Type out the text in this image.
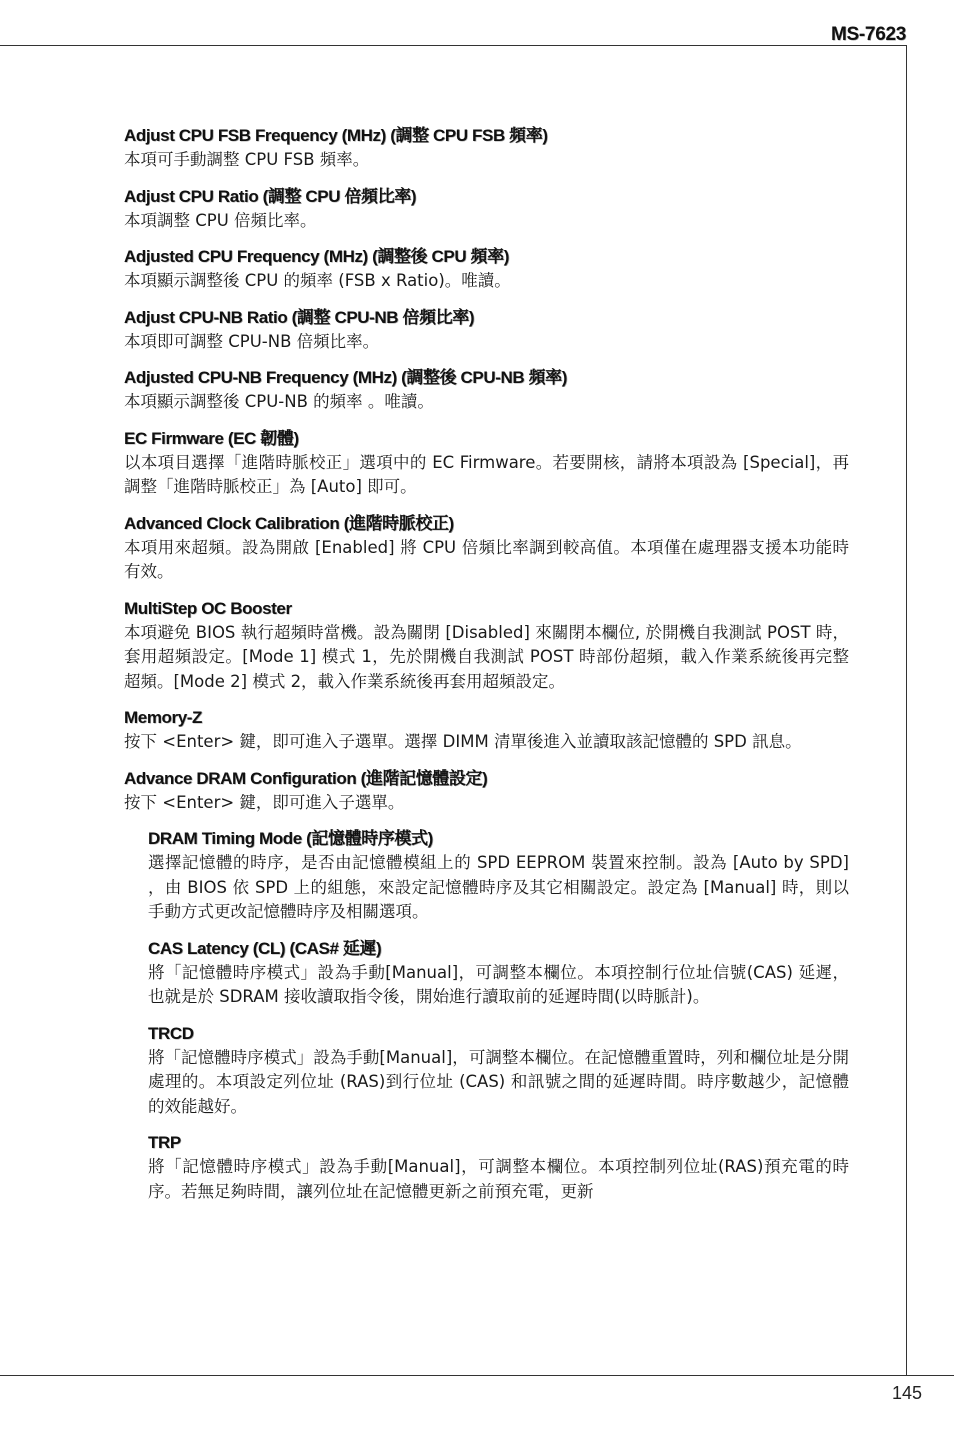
MS-7623
Adjust CPU FSB Frequency (MHz) (調整 CPU FSB 頻率)
本項可手動調整 CPU FSB 頻率。
Adjust CPU Ratio (調整 CPU 倍頻比率)
本項調整 CPU 倍頻比率。
Adjusted CPU Frequency (MHz) (調整後 CPU 頻率)
本項顯示調整後 CPU 的頻率 (FSB x Ratio)。唯讀。
Adjust CPU-NB Ratio (調整 CPU-NB 倍頻比率)
本項即可調整 CPU-NB 倍頻比率。
Adjusted CPU-NB Frequency (MHz) (調整後 CPU-NB 頻率)
本項顯示調整後 CPU-NB 的頻率 。唯讀。
EC Firmware (EC 韌體)
以本項目選擇「進階時脈校正」選項中的 EC Firmware。若要開核，請將本項設為 [Special]，再調整「進階時脈校正」為 [Auto] 即可。
Advanced Clock Calibration (進階時脈校正)
本項用來超頻。設為開啟 [Enabled] 將 CPU 倍頻比率調到較高值。本項僅在處理器支援本功能時有效。
MultiStep OC Booster
本項避免 BIOS 執行超頻時當機。設為關閉 [Disabled] 來關閉本欄位, 於開機自我測試 POST 時，套用超頻設定。[Mode 1] 模式 1，先於開機自我測試 POST 時部份超頻，載入作業系統後再完整超頻。[Mode 2] 模式 2，載入作業系統後再套用超頻設定。
Memory-Z
按下 <Enter> 鍵，即可進入子選單。選擇 DIMM 清單後進入並讀取該記憶體的 SPD 訊息。
Advance DRAM Configuration (進階記憶體設定)
按下 <Enter> 鍵，即可進入子選單。
DRAM Timing Mode (記憶體時序模式)
選擇記憶體的時序，是否由記憶體模組上的 SPD EEPROM 裝置來控制。設為 [Auto by SPD] ，由 BIOS 依 SPD 上的組態，來設定記憶體時序及其它相關設定。設定為 [Manual] 時，則以手動方式更改記憶體時序及相關選項。
CAS Latency (CL) (CAS# 延遲)
將「記憶體時序模式」設為手動[Manual]，可調整本欄位。本項控制行位址信號(CAS) 延遲，也就是於 SDRAM 接收讀取指令後，開始進行讀取前的延遲時間(以時脈計)。
TRCD
將「記憶體時序模式」設為手動[Manual]，可調整本欄位。在記憶體重置時，列和欄位址是分開處理的。本項設定列位址 (RAS)到行位址 (CAS) 和訊號之間的延遲時間。時序數越少，記憶體的效能越好。
TRP
將「記憶體時序模式」設為手動[Manual]，可調整本欄位。本項控制列位址(RAS)預充電的時序。若無足夠時間，讓列位址在記憶體更新之前預充電，更新
145
